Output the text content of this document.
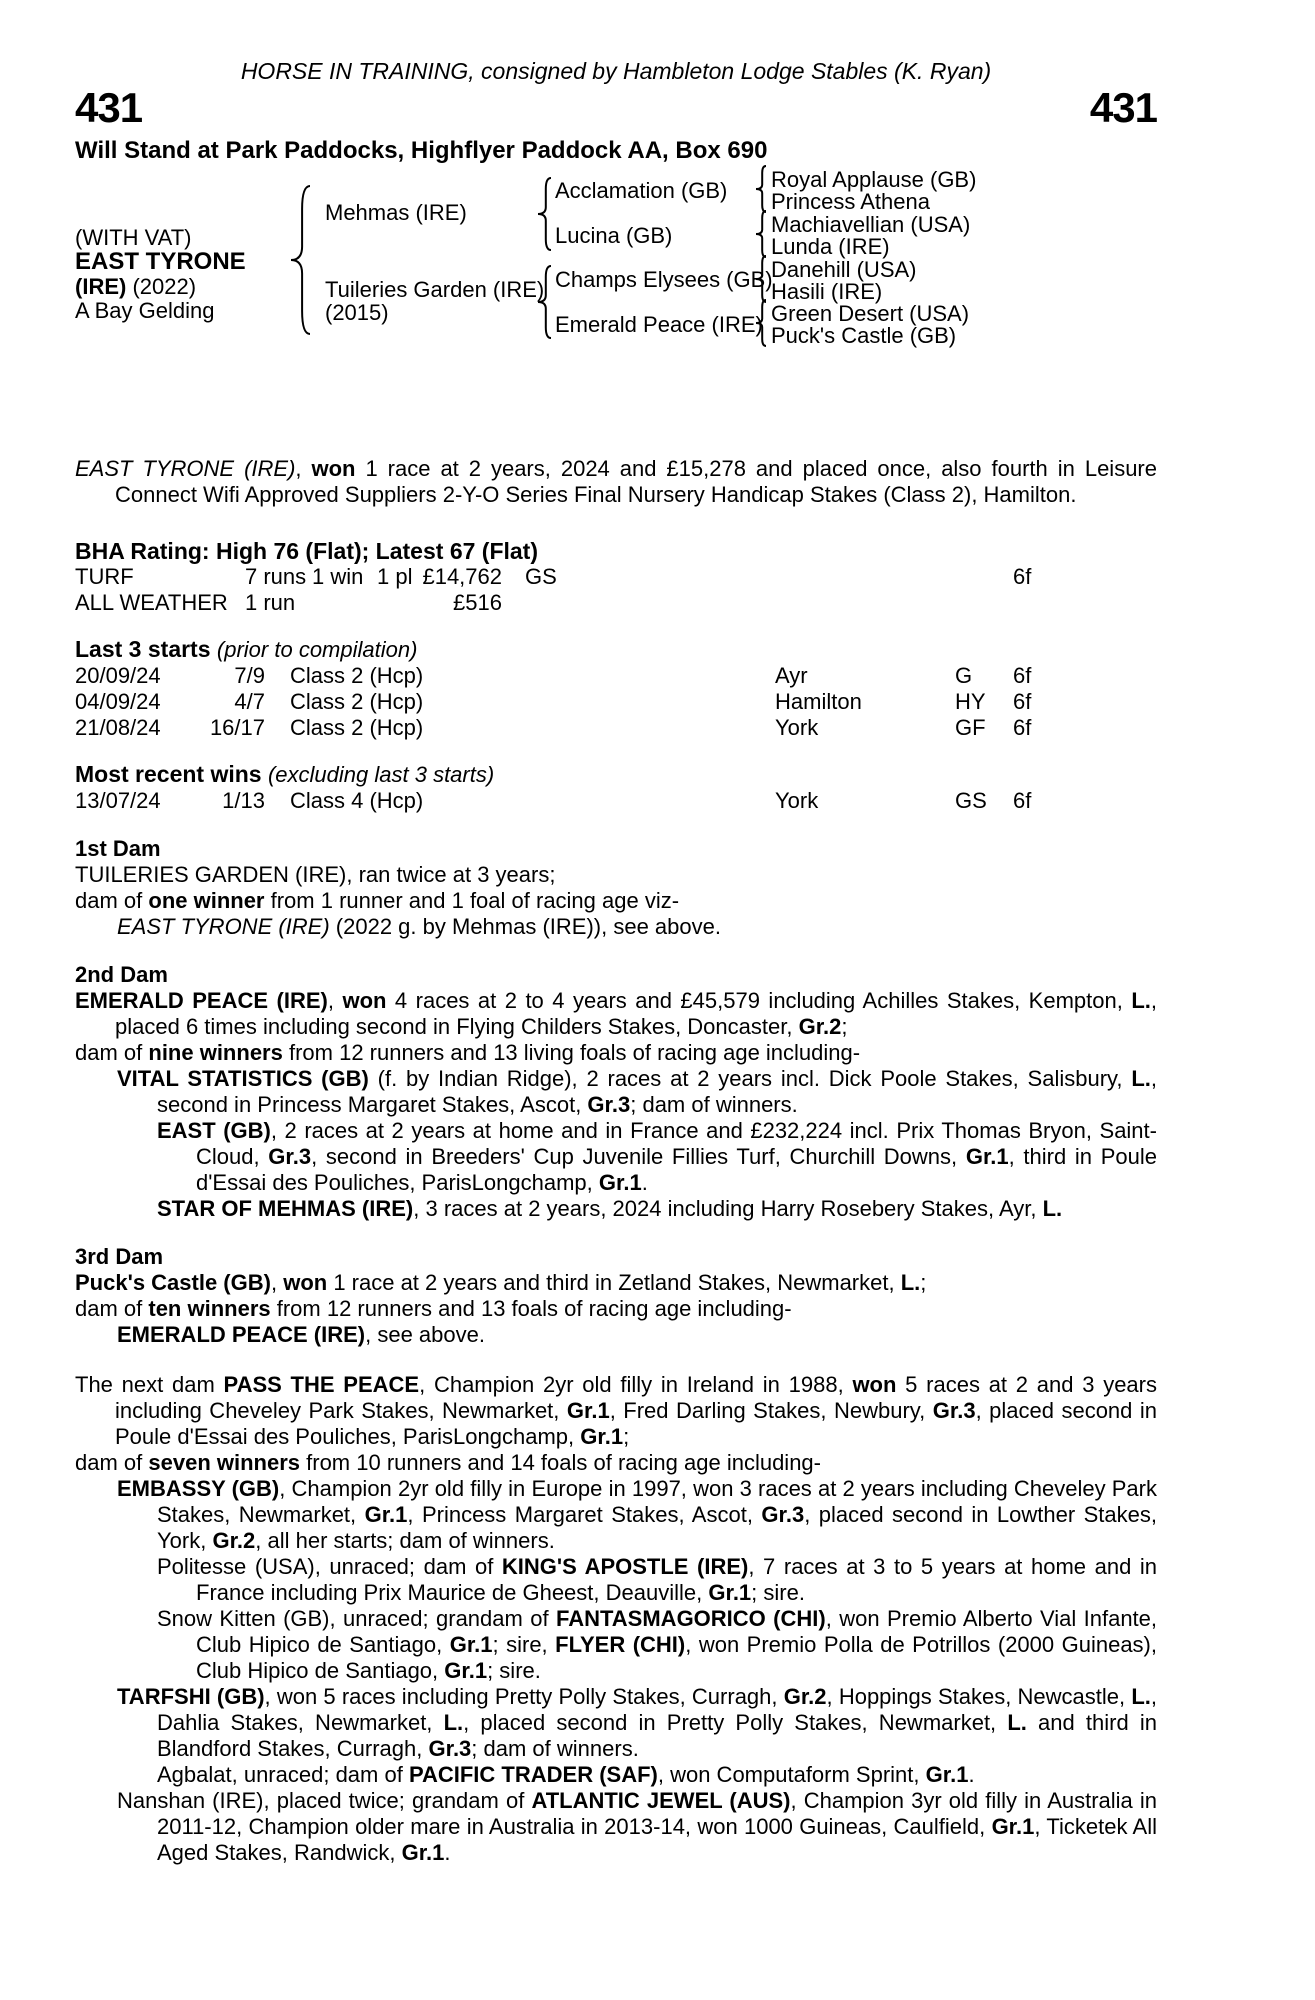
HORSE IN TRAINING, consigned by Hambleton Lodge Stables (K. Ryan)
431	431
Will Stand at Park Paddocks, Highflyer Paddock AA, Box 690
(WITH VAT)
EAST TYRONE
(IRE) (2022)
A Bay Gelding
Mehmas (IRE)
Tuileries Garden (IRE)
(2015)
Acclamation (GB)
Lucina (GB)
Champs Elysees (GB)
Emerald Peace (IRE)
Royal Applause (GB)
Princess Athena
Machiavellian (USA)
Lunda (IRE)
Danehill (USA)
Hasili (IRE)
Green Desert (USA)
Puck's Castle (GB)

EAST TYRONE (IRE), won 1 race at 2 years, 2024 and £15,278 and placed once, also fourth in Leisure Connect Wifi Approved Suppliers 2-Y-O Series Final Nursery Handicap Stakes (Class 2), Hamilton.

BHA Rating: High 76 (Flat); Latest 67 (Flat)
TURF	7 runs 1 win 1 pl £14,762 GS	6f
ALL WEATHER 1 run	£516
Last 3 starts (prior to compilation)
20/09/24	7/9 Class 2 (Hcp)	Ayr	G	6f
04/09/24	4/7 Class 2 (Hcp)	Hamilton	HY	6f
21/08/24	16/17 Class 2 (Hcp)	York	GF	6f
Most recent wins (excluding last 3 starts)
13/07/24	1/13 Class 4 (Hcp)	York	GS	6f
1st Dam

TUILERIES GARDEN (IRE), ran twice at 3 years;

dam of one winner from 1 runner and 1 foal of racing age viz-

EAST TYRONE (IRE) (2022 g. by Mehmas (IRE)), see above.

2nd Dam

EMERALD PEACE (IRE), won 4 races at 2 to 4 years and £45,579 including Achilles Stakes, Kempton, L., placed 6 times including second in Flying Childers Stakes, Doncaster, Gr.2;

dam of nine winners from 12 runners and 13 living foals of racing age including-

VITAL STATISTICS (GB) (f. by Indian Ridge), 2 races at 2 years incl. Dick Poole Stakes, Salisbury, L., second in Princess Margaret Stakes, Ascot, Gr.3; dam of winners.

EAST (GB), 2 races at 2 years at home and in France and £232,224 incl. Prix Thomas Bryon, Saint-Cloud, Gr.3, second in Breeders' Cup Juvenile Fillies Turf, Churchill Downs, Gr.1, third in Poule d'Essai des Pouliches, ParisLongchamp, Gr.1.

STAR OF MEHMAS (IRE), 3 races at 2 years, 2024 including Harry Rosebery Stakes, Ayr, L.

3rd Dam

Puck's Castle (GB), won 1 race at 2 years and third in Zetland Stakes, Newmarket, L.;

dam of ten winners from 12 runners and 13 foals of racing age including-

EMERALD PEACE (IRE), see above.

The next dam PASS THE PEACE, Champion 2yr old filly in Ireland in 1988, won 5 races at 2 and 3 years including Cheveley Park Stakes, Newmarket, Gr.1, Fred Darling Stakes, Newbury, Gr.3, placed second in Poule d'Essai des Pouliches, ParisLongchamp, Gr.1;

dam of seven winners from 10 runners and 14 foals of racing age including-

EMBASSY (GB), Champion 2yr old filly in Europe in 1997, won 3 races at 2 years including Cheveley Park Stakes, Newmarket, Gr.1, Princess Margaret Stakes, Ascot, Gr.3, placed second in Lowther Stakes, York, Gr.2, all her starts; dam of winners.

Politesse (USA), unraced; dam of KING'S APOSTLE (IRE), 7 races at 3 to 5 years at home and in France including Prix Maurice de Gheest, Deauville, Gr.1; sire.

Snow Kitten (GB), unraced; grandam of FANTASMAGORICO (CHI), won Premio Alberto Vial Infante, Club Hipico de Santiago, Gr.1; sire, FLYER (CHI), won Premio Polla de Potrillos (2000 Guineas), Club Hipico de Santiago, Gr.1; sire.

TARFSHI (GB), won 5 races including Pretty Polly Stakes, Curragh, Gr.2, Hoppings Stakes, Newcastle, L., Dahlia Stakes, Newmarket, L., placed second in Pretty Polly Stakes, Newmarket, L. and third in Blandford Stakes, Curragh, Gr.3; dam of winners.

Agbalat, unraced; dam of PACIFIC TRADER (SAF), won Computaform Sprint, Gr.1.

Nanshan (IRE), placed twice; grandam of ATLANTIC JEWEL (AUS), Champion 3yr old filly in Australia in 2011-12, Champion older mare in Australia in 2013-14, won 1000 Guineas, Caulfield, Gr.1, Ticketek All Aged Stakes, Randwick, Gr.1.
